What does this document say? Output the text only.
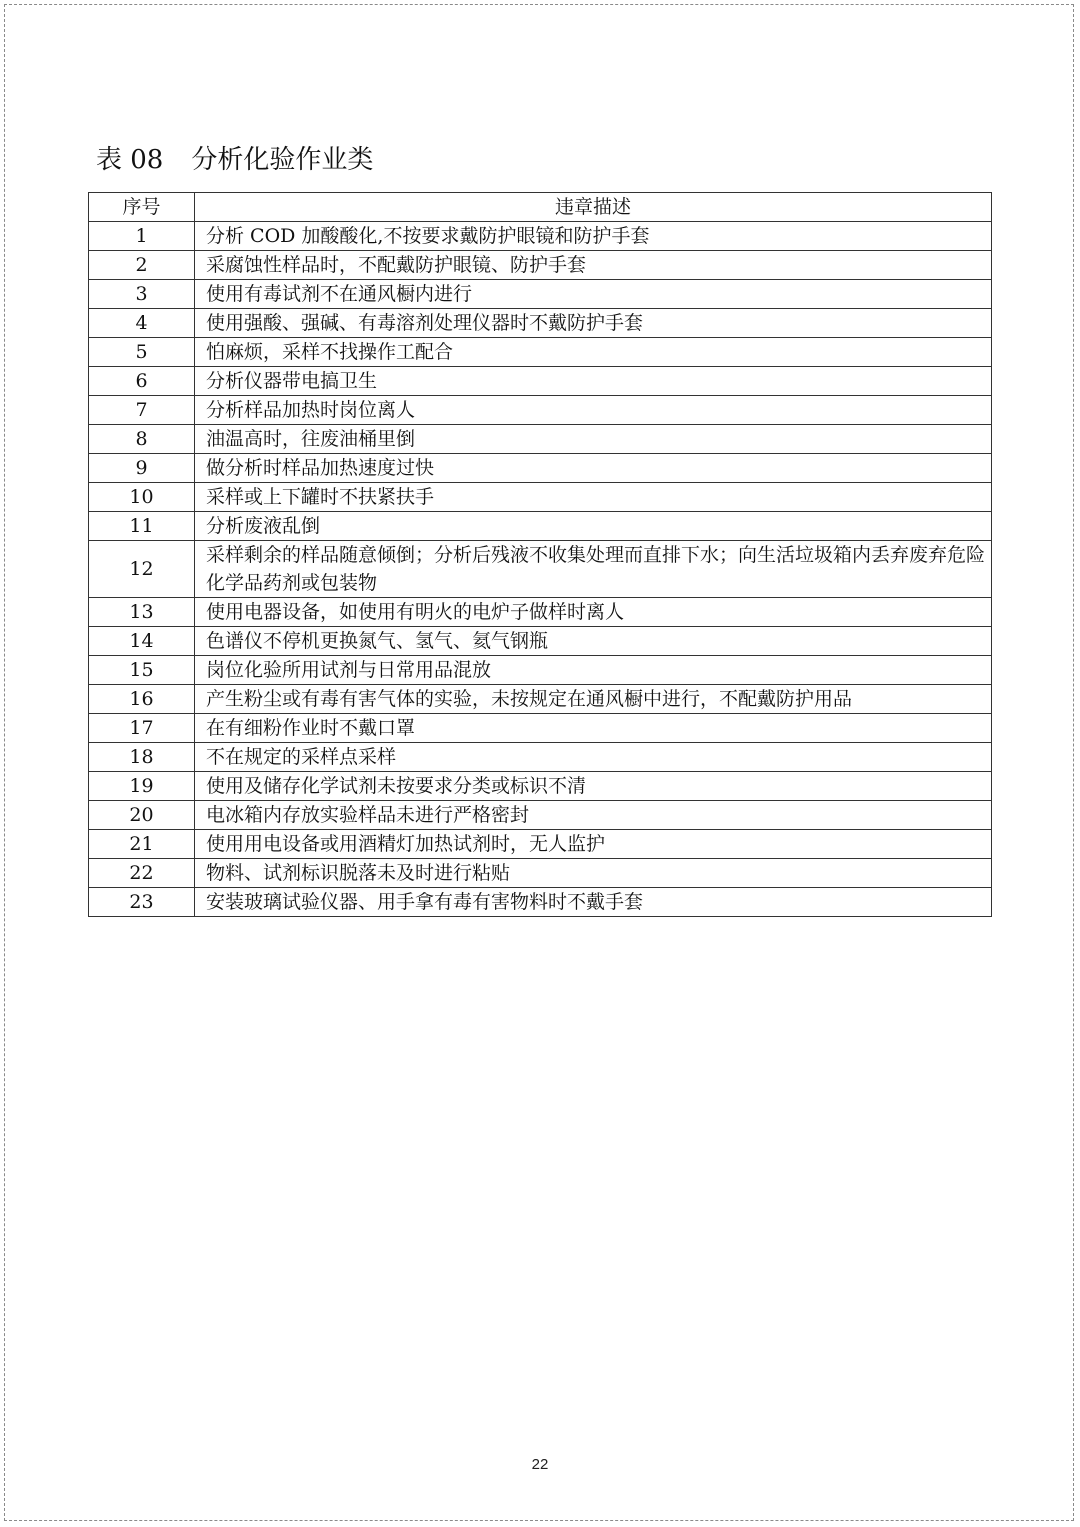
表 08 分析化验作业类
序号	违章描述
1	分析 COD 加酸酸化,不按要求戴防护眼镜和防护手套
2	采腐蚀性样品时，不配戴防护眼镜、防护手套
3	使用有毒试剂不在通风橱内进行
4	使用强酸、强碱、有毒溶剂处理仪器时不戴防护手套
5	怕麻烦，采样不找操作工配合
6	分析仪器带电搞卫生
7	分析样品加热时岗位离人
8	油温高时，往废油桶里倒
9	做分析时样品加热速度过快
10	采样或上下罐时不扶紧扶手
11	分析废液乱倒
12	采样剩余的样品随意倾倒；分析后残液不收集处理而直排下水；向生活垃圾箱内丢弃废弃危险化学品药剂或包装物
13	使用电器设备，如使用有明火的电炉子做样时离人
14	色谱仪不停机更换氮气、氢气、氦气钢瓶
15	岗位化验所用试剂与日常用品混放
16	产生粉尘或有毒有害气体的实验，未按规定在通风橱中进行，不配戴防护用品
17	在有细粉作业时不戴口罩
18	不在规定的采样点采样
19	使用及储存化学试剂未按要求分类或标识不清
20	电冰箱内存放实验样品未进行严格密封
21	使用用电设备或用酒精灯加热试剂时，无人监护
22	物料、试剂标识脱落未及时进行粘贴
23	安装玻璃试验仪器、用手拿有毒有害物料时不戴手套
22
